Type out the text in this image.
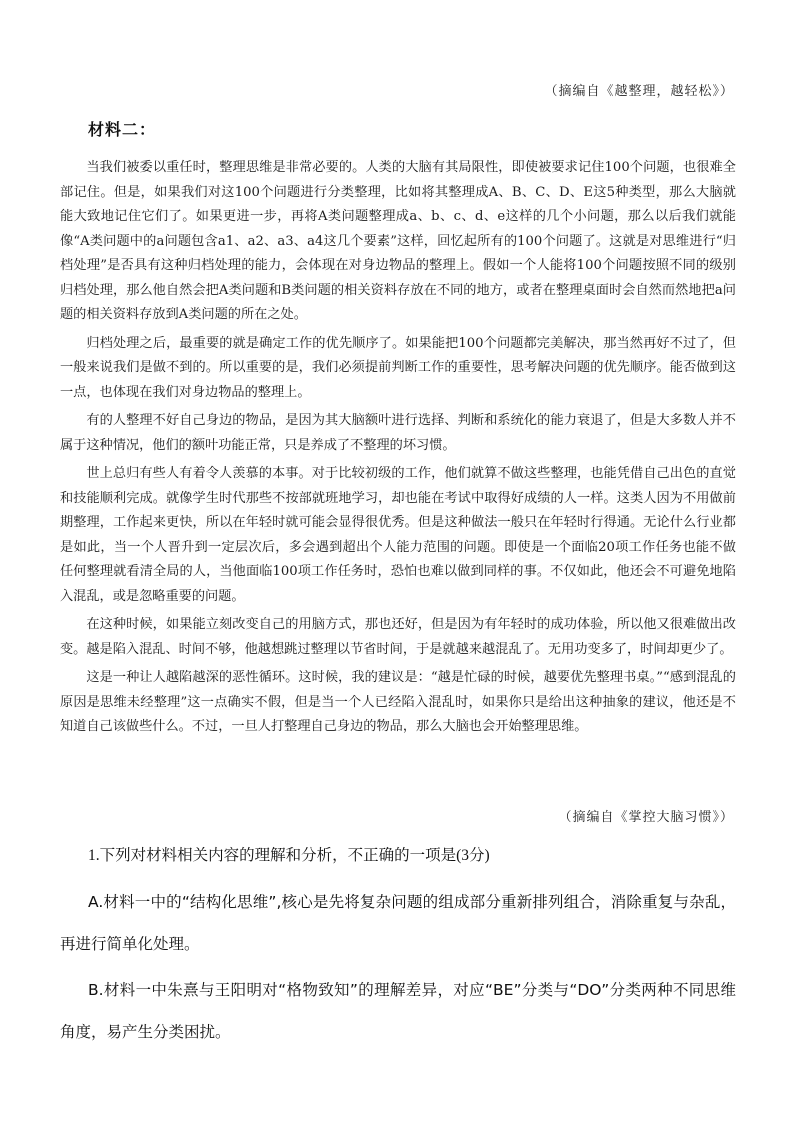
（摘编自《越整理，越轻松》）
材料二：

当我们被委以重任时，整理思维是非常必要的。人类的大脑有其局限性，即使被要求记住100个问题，也很难全部记住。但是，如果我们对这100个问题进行分类整理，比如将其整理成A、B、C、D、E这5种类型，那么大脑就能大致地记住它们了。如果更进一步，再将A类问题整理成a、b、c、d、e这样的几个小问题，那么以后我们就能像“A类问题中的a问题包含a1、a2、a3、a4这几个要素”这样，回忆起所有的100个问题了。这就是对思维进行“归档处理”是否具有这种归档处理的能力，会体现在对身边物品的整理上。假如一个人能将100个问题按照不同的级别归档处理，那么他自然会把A类问题和B类问题的相关资料存放在不同的地方，或者在整理桌面时会自然而然地把a问题的相关资料存放到A类问题的所在之处。

归档处理之后，最重要的就是确定工作的优先顺序了。如果能把100个问题都完美解决，那当然再好不过了，但一般来说我们是做不到的。所以重要的是，我们必须提前判断工作的重要性，思考解决问题的优先顺序。能否做到这一点，也体现在我们对身边物品的整理上。

有的人整理不好自己身边的物品，是因为其大脑额叶进行选择、判断和系统化的能力衰退了，但是大多数人并不属于这种情况，他们的额叶功能正常，只是养成了不整理的坏习惯。

世上总归有些人有着令人羡慕的本事。对于比较初级的工作，他们就算不做这些整理，也能凭借自己出色的直觉和技能顺利完成。就像学生时代那些不按部就班地学习，却也能在考试中取得好成绩的人一样。这类人因为不用做前期整理，工作起来更快，所以在年轻时就可能会显得很优秀。但是这种做法一般只在年轻时行得通。无论什么行业都是如此，当一个人晋升到一定层次后，多会遇到超出个人能力范围的问题。即使是一个面临20项工作任务也能不做任何整理就看清全局的人，当他面临100项工作任务时，恐怕也难以做到同样的事。不仅如此，他还会不可避免地陷入混乱，或是忽略重要的问题。

在这种时候，如果能立刻改变自己的用脑方式，那也还好，但是因为有年轻时的成功体验，所以他又很难做出改变。越是陷入混乱、时间不够，他越想跳过整理以节省时间，于是就越来越混乱了。无用功变多了，时间却更少了。

这是一种让人越陷越深的恶性循环。这时候，我的建议是：“越是忙碌的时候，越要优先整理书桌。”“感到混乱的原因是思维未经整理”这一点确实不假，但是当一个人已经陷入混乱时，如果你只是给出这种抽象的建议，他还是不知道自己该做些什么。不过，一旦人打整理自己身边的物品，那么大脑也会开始整理思维。

（摘编自《掌控大脑习惯》）
1.下列对材料相关内容的理解和分析，不正确的一项是(3分)

A.材料一中的“结构化思维”,核心是先将复杂问题的组成部分重新排列组合，消除重复与杂乱，再进行简单化处理。

B.材料一中朱熹与王阳明对“格物致知”的理解差异，对应“BE”分类与“DO”分类两种不同思维角度，易产生分类困扰。
